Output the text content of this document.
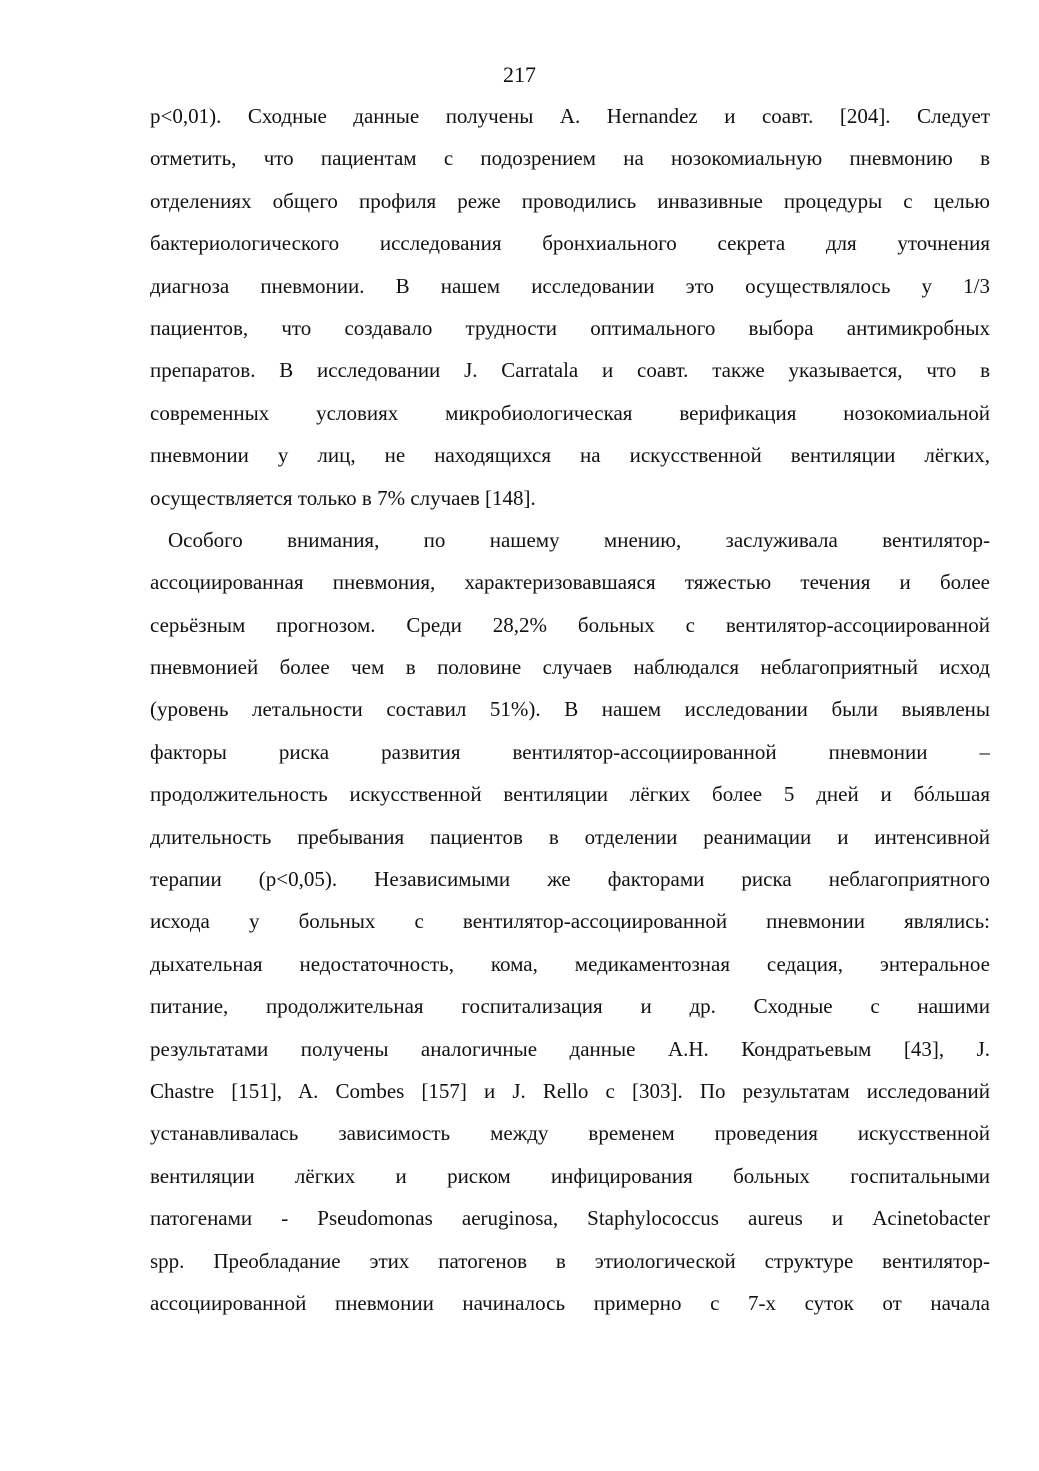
217
р<0,01). Сходные данные получены A. Hernandez и соавт. [204]. Следует
отметить, что пациентам с подозрением на нозокомиальную пневмонию в
отделениях общего профиля реже проводились инвазивные процедуры с целью
бактериологического исследования бронхиального секрета для уточнения
диагноза пневмонии. В нашем исследовании это осуществлялось у 1/3
пациентов, что создавало трудности оптимального выбора антимикробных
препаратов. В исследовании J. Carratala и соавт. также указывается, что в
современных условиях микробиологическая верификация нозокомиальной
пневмонии у лиц, не находящихся на искусственной вентиляции лёгких,
осуществляется только в 7% случаев [148].
Особого внимания, по нашему мнению, заслуживала вентилятор-
ассоциированная пневмония, характеризовавшаяся тяжестью течения и более
серьёзным прогнозом. Среди 28,2% больных с вентилятор-ассоциированной
пневмонией более чем в половине случаев наблюдался неблагоприятный исход
(уровень летальности составил 51%). В нашем исследовании были выявлены
факторы риска развития вентилятор-ассоциированной пневмонии –
продолжительность искусственной вентиляции лёгких более 5 дней и бóльшая
длительность пребывания пациентов в отделении реанимации и интенсивной
терапии (р<0,05). Независимыми же факторами риска неблагоприятного
исхода у больных с вентилятор-ассоциированной пневмонии являлись:
дыхательная недостаточность, кома, медикаментозная седация, энтеральное
питание, продолжительная госпитализация и др. Сходные с нашими
результатами получены аналогичные данные А.Н. Кондратьевым [43], J.
Chastre [151], A. Combes [157] и J. Rello с [303]. По результатам исследований
устанавливалась зависимость между временем проведения искусственной
вентиляции лёгких и риском инфицирования больных госпитальными
патогенами - Pseudomonas aeruginosa, Staphylococcus aureus и Acinetobacter
spp. Преобладание этих патогенов в этиологической структуре вентилятор-
ассоциированной пневмонии начиналось примерно с 7-х суток от начала
